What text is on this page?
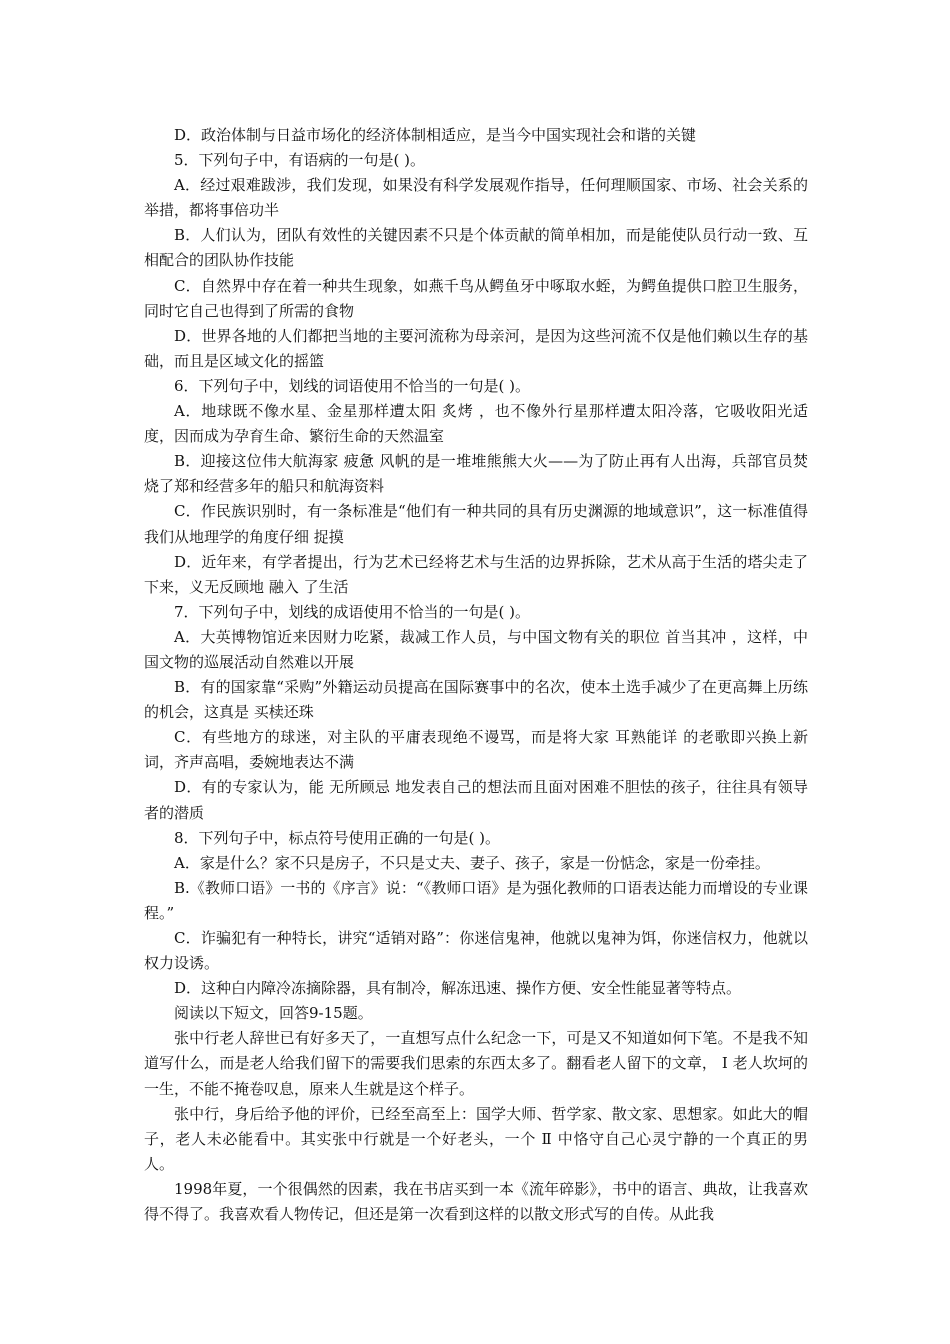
D．政治体制与日益市场化的经济体制相适应，是当今中国实现社会和谐的关键

5．下列句子中，有语病的一句是( )。

A．经过艰难跋涉，我们发现，如果没有科学发展观作指导，任何理顺国家、市场、社会关系的举措，都将事倍功半

B．人们认为，团队有效性的关键因素不只是个体贡献的简单相加，而是能使队员行动一致、互相配合的团队协作技能

C．自然界中存在着一种共生现象，如燕千鸟从鳄鱼牙中啄取水蛭，为鳄鱼提供口腔卫生服务，同时它自己也得到了所需的食物

D．世界各地的人们都把当地的主要河流称为母亲河，是因为这些河流不仅是他们赖以生存的基础，而且是区域文化的摇篮

6．下列句子中，划线的词语使用不恰当的一句是( )。

A．地球既不像水星、金星那样遭太阳 炙烤 ，也不像外行星那样遭太阳冷落，它吸收阳光适度，因而成为孕育生命、繁衍生命的天然温室

B．迎接这位伟大航海家 疲惫 风帆的是一堆堆熊熊大火——为了防止再有人出海，兵部官员焚烧了郑和经营多年的船只和航海资料

C．作民族识别时，有一条标准是“他们有一种共同的具有历史渊源的地域意识”，这一标准值得我们从地理学的角度仔细 捉摸

D．近年来，有学者提出，行为艺术已经将艺术与生活的边界拆除，艺术从高于生活的塔尖走了下来，义无反顾地 融入 了生活

7．下列句子中，划线的成语使用不恰当的一句是( )。

A．大英博物馆近来因财力吃紧，裁减工作人员，与中国文物有关的职位 首当其冲 ，这样，中国文物的巡展活动自然难以开展

B．有的国家靠“采购”外籍运动员提高在国际赛事中的名次，使本土选手减少了在更高舞上历练的机会，这真是 买椟还珠

C．有些地方的球迷，对主队的平庸表现绝不谩骂，而是将大家 耳熟能详 的老歌即兴换上新词，齐声高唱，委婉地表达不满

D．有的专家认为，能 无所顾忌 地发表自己的想法而且面对困难不胆怯的孩子，往往具有领导者的潜质

8．下列句子中，标点符号使用正确的一句是( )。

A．家是什么？家不只是房子，不只是丈夫、妻子、孩子，家是一份惦念，家是一份牵挂。

B.《教师口语》一书的《序言》说：“《教师口语》是为强化教师的口语表达能力而增设的专业课程。”

C．诈骗犯有一种特长，讲究“适销对路”：你迷信鬼神，他就以鬼神为饵，你迷信权力，他就以权力设诱。

D．这种白内障冷冻摘除器，具有制冷，解冻迅速、操作方便、安全性能显著等特点。

阅读以下短文，回答9-15题。

张中行老人辞世已有好多天了，一直想写点什么纪念一下，可是又不知道如何下笔。不是我不知道写什么，而是老人给我们留下的需要我们思索的东西太多了。翻看老人留下的文章， Ⅰ 老人坎坷的一生，不能不掩卷叹息，原来人生就是这个样子。

张中行，身后给予他的评价，已经至高至上：国学大师、哲学家、散文家、思想家。如此大的帽子，老人未必能看中。其实张中行就是一个好老头，一个 Ⅱ 中恪守自己心灵宁静的一个真正的男人。

1998年夏，一个很偶然的因素，我在书店买到一本《流年碎影》，书中的语言、典故，让我喜欢得不得了。我喜欢看人物传记，但还是第一次看到这样的以散文形式写的自传。从此我
